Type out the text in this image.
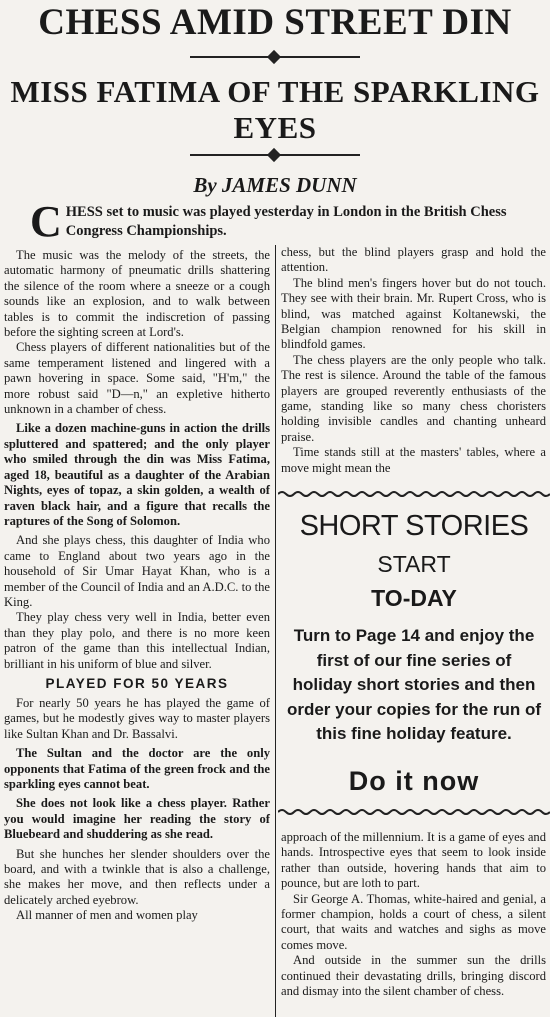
CHESS AMID STREET DIN
MISS FATIMA OF THE SPARKLING EYES
By JAMES DUNN
C HESS set to music was played yesterday in London in the British Chess Congress Championships.

The music was the melody of the streets, the automatic harmony of pneumatic drills shattering the silence of the room where a sneeze or a cough sounds like an explosion, and to walk between tables is to commit the indiscretion of passing before the sighting screen at Lord's.

Chess players of different nationalities but of the same temperament listened and lingered with a pawn hovering in space. Some said, "H'm," the more robust said "D—n," an expletive hitherto unknown in a chamber of chess.

Like a dozen machine-guns in action the drills spluttered and spattered; and the only player who smiled through the din was Miss Fatima, aged 18, beautiful as a daughter of the Arabian Nights, eyes of topaz, a skin golden, a wealth of raven black hair, and a figure that recalls the raptures of the Song of Solomon.

And she plays chess, this daughter of India who came to England about two years ago in the household of Sir Umar Hayat Khan, who is a member of the Council of India and an A.D.C. to the King.

They play chess very well in India, better even than they play polo, and there is no more keen patron of the game than this intellectual Indian, brilliant in his uniform of blue and silver.

PLAYED FOR 50 YEARS

For nearly 50 years he has played the game of games, but he modestly gives way to master players like Sultan Khan and Dr. Bassalvi.

The Sultan and the doctor are the only opponents that Fatima of the green frock and the sparkling eyes cannot beat.

She does not look like a chess player. Rather you would imagine her reading the story of Bluebeard and shuddering as she read.

But she hunches her slender shoulders over the board, and with a twinkle that is also a challenge, she makes her move, and then reflects under a delicately arched eyebrow.

All manner of men and women play

chess, but the blind players grasp and hold the attention.

The blind men's fingers hover but do not touch. They see with their brain. Mr. Rupert Cross, who is blind, was matched against Koltanewski, the Belgian champion renowned for his skill in blindfold games.

The chess players are the only people who talk. The rest is silence. Around the table of the famous players are grouped reverently enthusiasts of the game, standing like so many chess choristers holding invisible candles and chanting unheard praise.

Time stands still at the masters' tables, where a move might mean the

SHORT STORIES
START
TO-DAY
Turn to Page 14 and enjoy the first of our fine series of holiday short stories and then order your copies for the run of this fine holiday feature.
Do it now

approach of the millennium. It is a game of eyes and hands. Introspective eyes that seem to look inside rather than outside, hovering hands that aim to pounce, but are loth to part.

Sir George A. Thomas, white-haired and genial, a former champion, holds a court of chess, a silent court, that waits and watches and sighs as move comes move.

And outside in the summer sun the drills continued their devastating drills, bringing discord and dismay into the silent chamber of chess.
